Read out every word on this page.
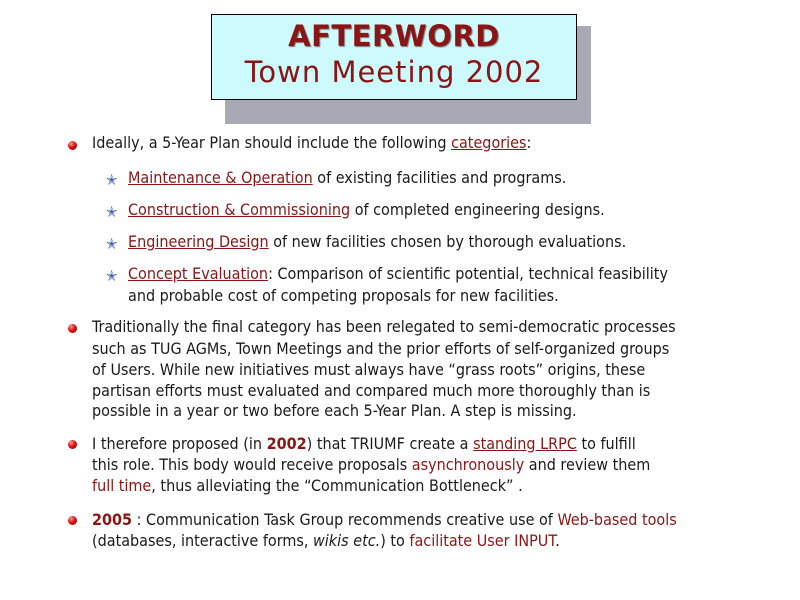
AFTERWORD
Town Meeting 2002
Ideally, a 5-Year Plan should include the following categories:
✭ Maintenance & Operation of existing facilities and programs.
✭ Construction & Commissioning of completed engineering designs.
✭ Engineering Design of new facilities chosen by thorough evaluations.
✭ Concept Evaluation: Comparison of scientific potential, technical feasibility
and probable cost of competing proposals for new facilities.
Traditionally the final category has been relegated to semi-democratic processes
such as TUG AGMs, Town Meetings and the prior efforts of self-organized groups
of Users. While new initiatives must always have “grass roots” origins, these
partisan efforts must evaluated and compared much more thoroughly than is
possible in a year or two before each 5-Year Plan. A step is missing.
I therefore proposed (in 2002) that TRIUMF create a standing LRPC to fulfill
this role. This body would receive proposals asynchronously and review them
full time, thus alleviating the “Communication Bottleneck” .
2005 : Communication Task Group recommends creative use of Web-based tools
(databases, interactive forms, wikis etc.) to facilitate User INPUT.
